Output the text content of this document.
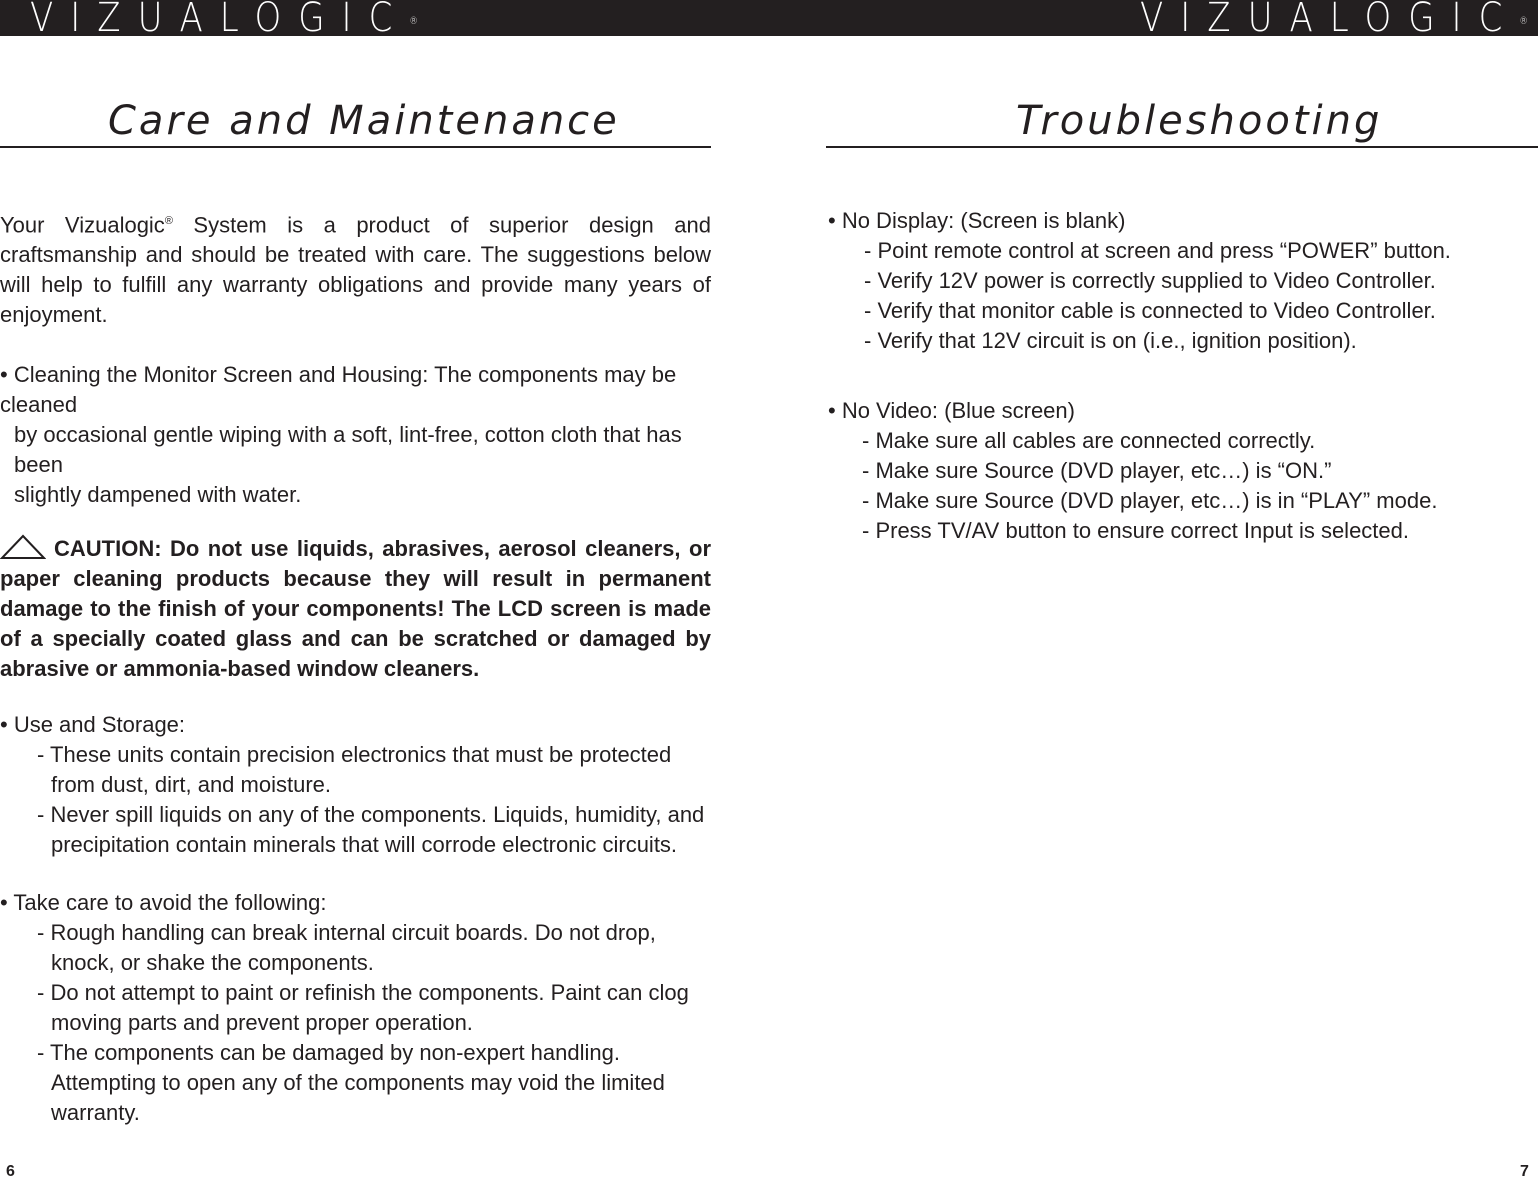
VIZUALOGIC®	VIZUALOGIC®
Care and Maintenance

Your Vizualogic® System is a product of superior design and craftsmanship and should be treated with care. The suggestions below will help to fulfill any warranty obligations and provide many years of enjoyment.

• Cleaning the Monitor Screen and Housing: The components may be cleaned
by occasional gentle wiping with a soft, lint-free, cotton cloth that has been
slightly dampened with water.

CAUTION: Do not use liquids, abrasives, aerosol cleaners, or paper cleaning products because they will result in permanent damage to the finish of your components! The LCD screen is made of a specially coated glass and can be scratched or damaged by abrasive or ammonia-based window cleaners.

• Use and Storage:
- These units contain precision electronics that must be protected from dust, dirt, and moisture.
- Never spill liquids on any of the components. Liquids, humidity, and precipitation contain minerals that will corrode electronic circuits.
• Take care to avoid the following:
- Rough handling can break internal circuit boards. Do not drop, knock, or shake the components.
- Do not attempt to paint or refinish the components. Paint can clog moving parts and prevent proper operation.
- The components can be damaged by non-expert handling. Attempting to open any of the components may void the limited warranty.
6
Troubleshooting
• No Display: (Screen is blank)
- Point remote control at screen and press “POWER” button.
- Verify 12V power is correctly supplied to Video Controller.
- Verify that monitor cable is connected to Video Controller.
- Verify that 12V circuit is on (i.e., ignition position).
• No Video: (Blue screen)
- Make sure all cables are connected correctly.
- Make sure Source (DVD player, etc…) is “ON.”
- Make sure Source (DVD player, etc…) is in “PLAY” mode.
- Press TV/AV button to ensure correct Input is selected.
7
